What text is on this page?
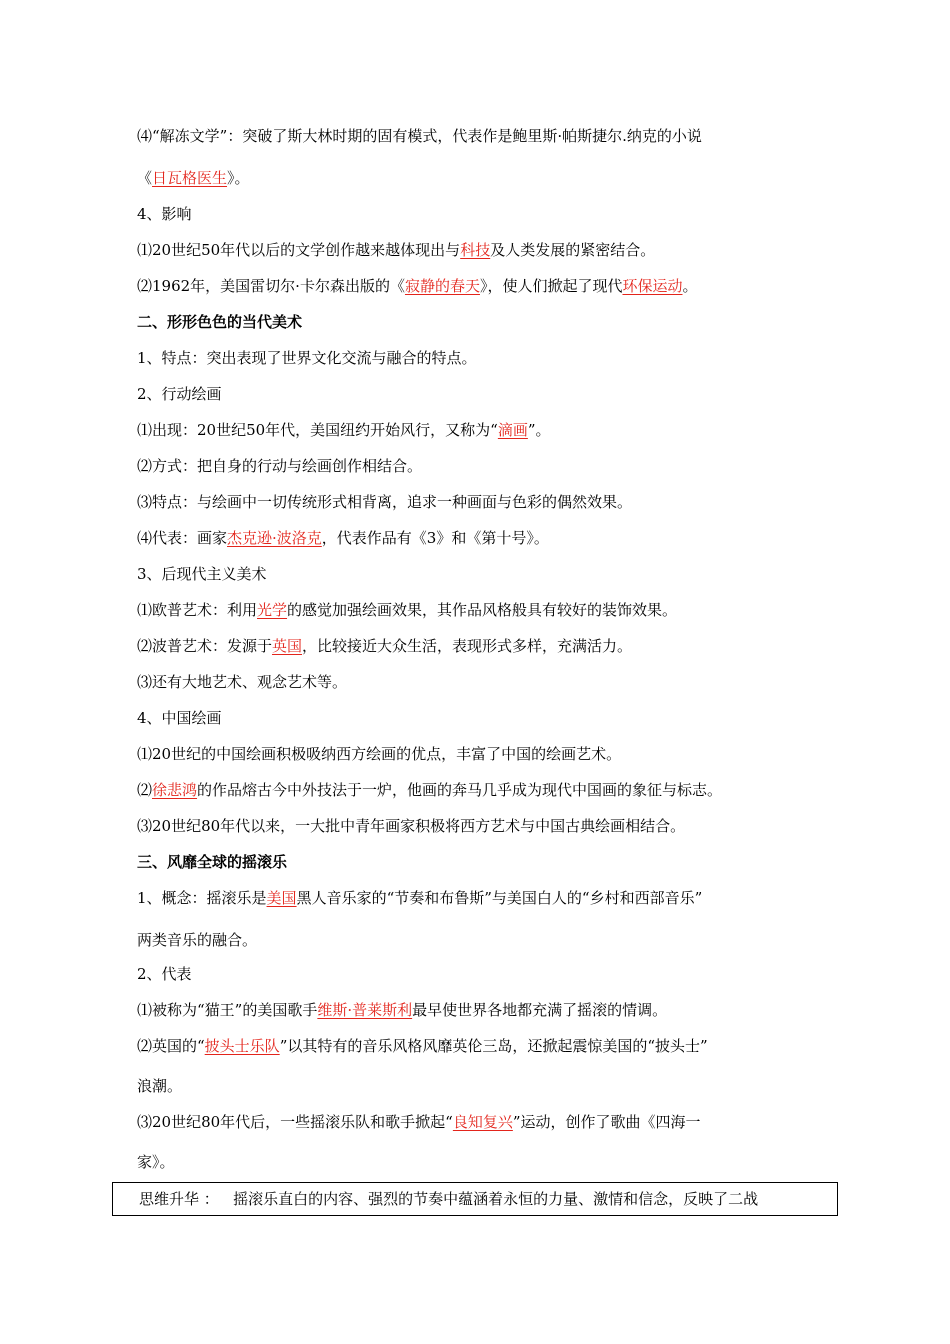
⑷“解冻文学”：突破了斯大林时期的固有模式，代表作是鲍里斯·帕斯捷尔.纳克的小说
《日瓦格医生》。
4、影响
⑴20世纪50年代以后的文学创作越来越体现出与科技及人类发展的紧密结合。
⑵1962年，美国雷切尔·卡尔森出版的《寂静的春天》，使人们掀起了现代环保运动。
二、形形色色的当代美术
1、特点：突出表现了世界文化交流与融合的特点。
2、行动绘画
⑴出现：20世纪50年代，美国纽约开始风行，又称为“滴画”。
⑵方式：把自身的行动与绘画创作相结合。
⑶特点：与绘画中一切传统形式相背离，追求一种画面与色彩的偶然效果。
⑷代表：画家杰克逊·波洛克，代表作品有《3》和《第十号》。
3、后现代主义美术
⑴欧普艺术：利用光学的感觉加强绘画效果，其作品风格般具有较好的装饰效果。
⑵波普艺术：发源于英国，比较接近大众生活，表现形式多样，充满活力。
⑶还有大地艺术、观念艺术等。
4、中国绘画
⑴20世纪的中国绘画积极吸纳西方绘画的优点，丰富了中国的绘画艺术。
⑵徐悲鸿的作品熔古今中外技法于一炉，他画的奔马几乎成为现代中国画的象征与标志。
⑶20世纪80年代以来，一大批中青年画家积极将西方艺术与中国古典绘画相结合。
三、风靡全球的摇滚乐
1、概念：摇滚乐是美国黑人音乐家的“节奏和布鲁斯”与美国白人的“乡村和西部音乐”
两类音乐的融合。
2、代表
⑴被称为“猫王”的美国歌手维斯·普莱斯利最早使世界各地都充满了摇滚的情调。
⑵英国的“披头士乐队”以其特有的音乐风格风靡英伦三岛，还掀起震惊美国的“披头士”
浪潮。
⑶20世纪80年代后，一些摇滚乐队和歌手掀起“良知复兴”运动，创作了歌曲《四海一
家》。
思维升华 ： 摇滚乐直白的内容、强烈的节奏中蕴涵着永恒的力量、激情和信念，反映了二战
